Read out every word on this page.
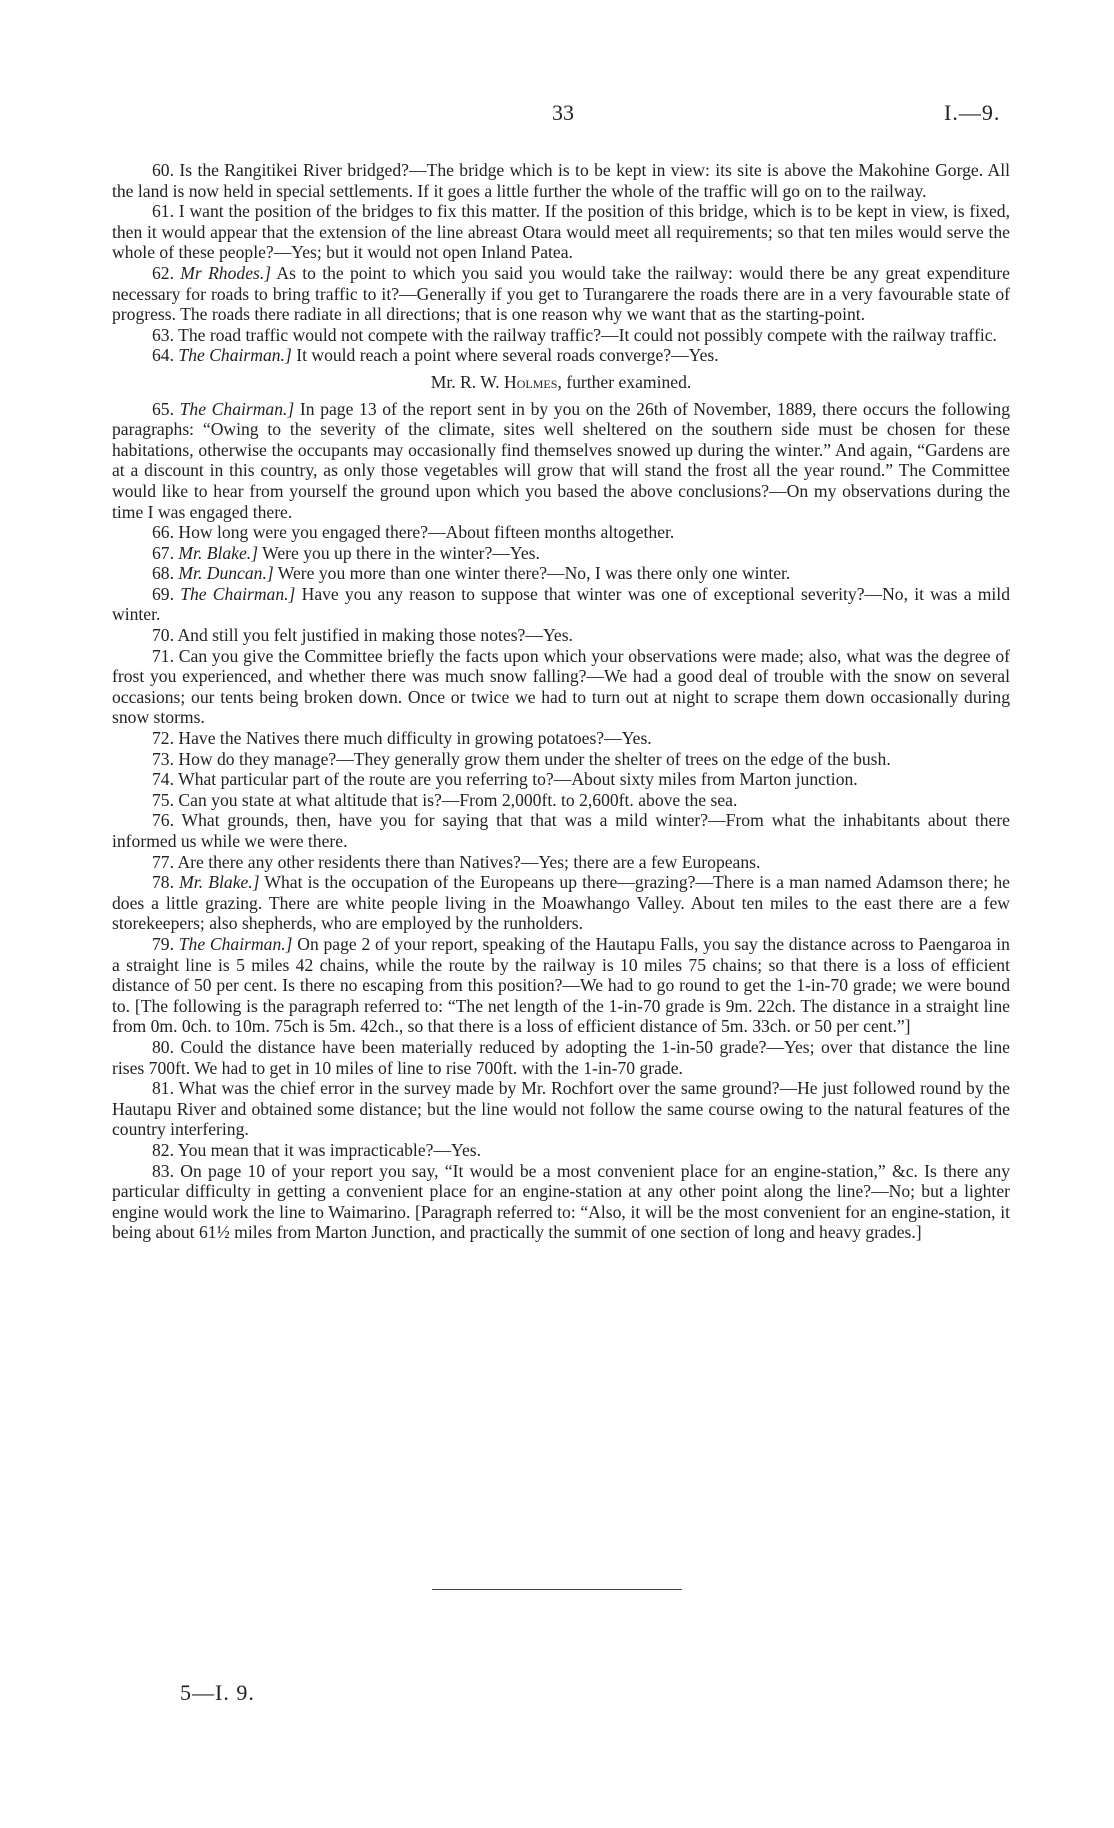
33	I.—9.

60. Is the Rangitikei River bridged?—The bridge which is to be kept in view: its site is above the Makohine Gorge. All the land is now held in special settlements. If it goes a little further the whole of the traffic will go on to the railway.

61. I want the position of the bridges to fix this matter. If the position of this bridge, which is to be kept in view, is fixed, then it would appear that the extension of the line abreast Otara would meet all requirements; so that ten miles would serve the whole of these people?—Yes; but it would not open Inland Patea.

62. Mr Rhodes.] As to the point to which you said you would take the railway: would there be any great expenditure necessary for roads to bring traffic to it?—Generally if you get to Turangarere the roads there are in a very favourable state of progress. The roads there radiate in all directions; that is one reason why we want that as the starting-point.

63. The road traffic would not compete with the railway traffic?—It could not possibly compete with the railway traffic.

64. The Chairman.] It would reach a point where several roads converge?—Yes.

Mr. R. W. Holmes, further examined.

65. The Chairman.] In page 13 of the report sent in by you on the 26th of November, 1889, there occurs the following paragraphs: “Owing to the severity of the climate, sites well sheltered on the southern side must be chosen for these habitations, otherwise the occupants may occasionally find themselves snowed up during the winter.” And again, “Gardens are at a discount in this country, as only those vegetables will grow that will stand the frost all the year round.” The Committee would like to hear from yourself the ground upon which you based the above conclusions?—On my observations during the time I was engaged there.

66. How long were you engaged there?—About fifteen months altogether.

67. Mr. Blake.] Were you up there in the winter?—Yes.

68. Mr. Duncan.] Were you more than one winter there?—No, I was there only one winter.

69. The Chairman.] Have you any reason to suppose that winter was one of exceptional severity?—No, it was a mild winter.

70. And still you felt justified in making those notes?—Yes.

71. Can you give the Committee briefly the facts upon which your observations were made; also, what was the degree of frost you experienced, and whether there was much snow falling?—We had a good deal of trouble with the snow on several occasions; our tents being broken down. Once or twice we had to turn out at night to scrape them down occasionally during snow storms.

72. Have the Natives there much difficulty in growing potatoes?—Yes.

73. How do they manage?—They generally grow them under the shelter of trees on the edge of the bush.

74. What particular part of the route are you referring to?—About sixty miles from Marton junction.

75. Can you state at what altitude that is?—From 2,000ft. to 2,600ft. above the sea.

76. What grounds, then, have you for saying that that was a mild winter?—From what the inhabitants about there informed us while we were there.

77. Are there any other residents there than Natives?—Yes; there are a few Europeans.

78. Mr. Blake.] What is the occupation of the Europeans up there—grazing?—There is a man named Adamson there; he does a little grazing. There are white people living in the Moawhango Valley. About ten miles to the east there are a few storekeepers; also shepherds, who are employed by the runholders.

79. The Chairman.] On page 2 of your report, speaking of the Hautapu Falls, you say the distance across to Paengaroa in a straight line is 5 miles 42 chains, while the route by the railway is 10 miles 75 chains; so that there is a loss of efficient distance of 50 per cent. Is there no escaping from this position?—We had to go round to get the 1-in-70 grade; we were bound to. [The following is the paragraph referred to: “The net length of the 1-in-70 grade is 9m. 22ch. The distance in a straight line from 0m. 0ch. to 10m. 75ch is 5m. 42ch., so that there is a loss of efficient distance of 5m. 33ch. or 50 per cent.”]

80. Could the distance have been materially reduced by adopting the 1-in-50 grade?—Yes; over that distance the line rises 700ft. We had to get in 10 miles of line to rise 700ft. with the 1-in-70 grade.

81. What was the chief error in the survey made by Mr. Rochfort over the same ground?—He just followed round by the Hautapu River and obtained some distance; but the line would not follow the same course owing to the natural features of the country interfering.

82. You mean that it was impracticable?—Yes.

83. On page 10 of your report you say, “It would be a most convenient place for an engine-station,” &c. Is there any particular difficulty in getting a convenient place for an engine-station at any other point along the line?—No; but a lighter engine would work the line to Waimarino. [Paragraph referred to: “Also, it will be the most convenient for an engine-station, it being about 61½ miles from Marton Junction, and practically the summit of one section of long and heavy grades.]

5—I. 9.
